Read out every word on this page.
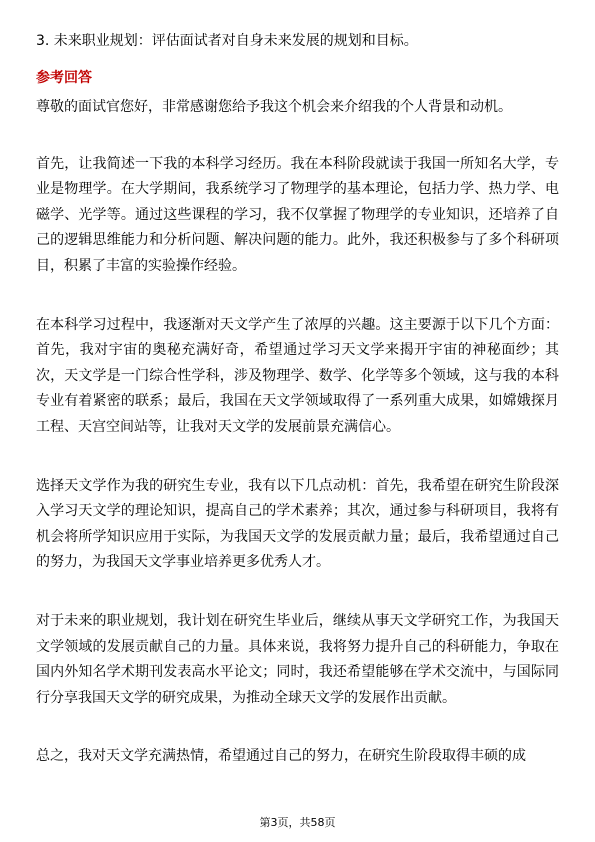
3. 未来职业规划：评估面试者对自身未来发展的规划和目标。
参考回答

尊敬的面试官您好，非常感谢您给予我这个机会来介绍我的个人背景和动机。

首先，让我简述一下我的本科学习经历。我在本科阶段就读于我国一所知名大学，专业是物理学。在大学期间，我系统学习了物理学的基本理论，包括力学、热力学、电磁学、光学等。通过这些课程的学习，我不仅掌握了物理学的专业知识，还培养了自己的逻辑思维能力和分析问题、解决问题的能力。此外，我还积极参与了多个科研项目，积累了丰富的实验操作经验。

在本科学习过程中，我逐渐对天文学产生了浓厚的兴趣。这主要源于以下几个方面：首先，我对宇宙的奥秘充满好奇，希望通过学习天文学来揭开宇宙的神秘面纱；其次，天文学是一门综合性学科，涉及物理学、数学、化学等多个领域，这与我的本科专业有着紧密的联系；最后，我国在天文学领域取得了一系列重大成果，如嫦娥探月工程、天宫空间站等，让我对天文学的发展前景充满信心。

选择天文学作为我的研究生专业，我有以下几点动机：首先，我希望在研究生阶段深入学习天文学的理论知识，提高自己的学术素养；其次，通过参与科研项目，我将有机会将所学知识应用于实际，为我国天文学的发展贡献力量；最后，我希望通过自己的努力，为我国天文学事业培养更多优秀人才。

对于未来的职业规划，我计划在研究生毕业后，继续从事天文学研究工作，为我国天文学领域的发展贡献自己的力量。具体来说，我将努力提升自己的科研能力，争取在国内外知名学术期刊发表高水平论文；同时，我还希望能够在学术交流中，与国际同行分享我国天文学的研究成果，为推动全球天文学的发展作出贡献。

总之，我对天文学充满热情，希望通过自己的努力，在研究生阶段取得丰硕的成

第3页，共58页
